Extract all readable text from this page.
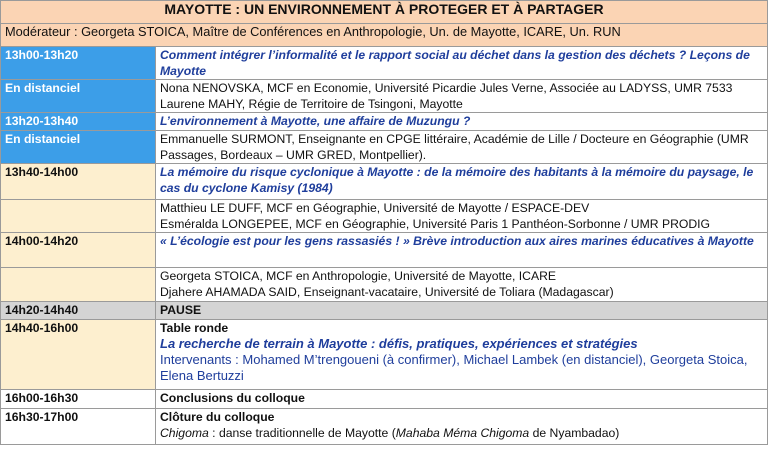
MAYOTTE : UN ENVIRONNEMENT À PROTEGER ET À PARTAGER	
Modérateur : Georgeta STOICA, Maître de Conférences en Anthropologie, Un. de Mayotte, ICARE, Un. RUN	
13h00-13h20	Comment intégrer l’informalité et le rapport social au déchet dans la gestion des déchets ? Leçons de Mayotte
En distanciel	Nona NENOVSKA, MCF en Economie, Université Picardie Jules Verne, Associée au LADYSS, UMR 7533
Laurene MAHY, Régie de Territoire de Tsingoni, Mayotte

13h20-13h40	L’environnement à Mayotte, une affaire de Muzungu ?
En distanciel	Emmanuelle SURMONT, Enseignante en CPGE littéraire, Académie de Lille / Docteure en Géographie (UMR Passages, Bordeaux – UMR GRED, Montpellier).
13h40-14h00	La mémoire du risque cyclonique à Mayotte : de la mémoire des habitants à la mémoire du paysage, le cas du cyclone Kamisy (1984)

	Matthieu LE DUFF, MCF en Géographie, Université de Mayotte / ESPACE-DEV
Esméralda LONGEPEE, MCF en Géographie, Université Paris 1 Panthéon-Sorbonne / UMR PRODIG

14h00-14h20	« L’écologie est pour les gens rassasiés ! » Brève introduction aux aires marines éducatives à Mayotte

	Georgeta STOICA, MCF en Anthropologie, Université de Mayotte, ICARE
Djahere AHAMADA SAID, Enseignant-vacataire, Université de Toliara (Madagascar)

14h20-14h40	PAUSE
14h40-16h00	Table ronde
La recherche de terrain à Mayotte : défis, pratiques, expériences et stratégies
Intervenants : Mohamed M’trengoueni (à confirmer), Michael Lambek (en distanciel), Georgeta Stoica, Elena Bertuzzi

16h00-16h30	Conclusions du colloque
16h30-17h00	Clôture du colloque
Chigoma : danse traditionnelle de Mayotte (Mahaba Méma Chigoma de Nyambadao)
